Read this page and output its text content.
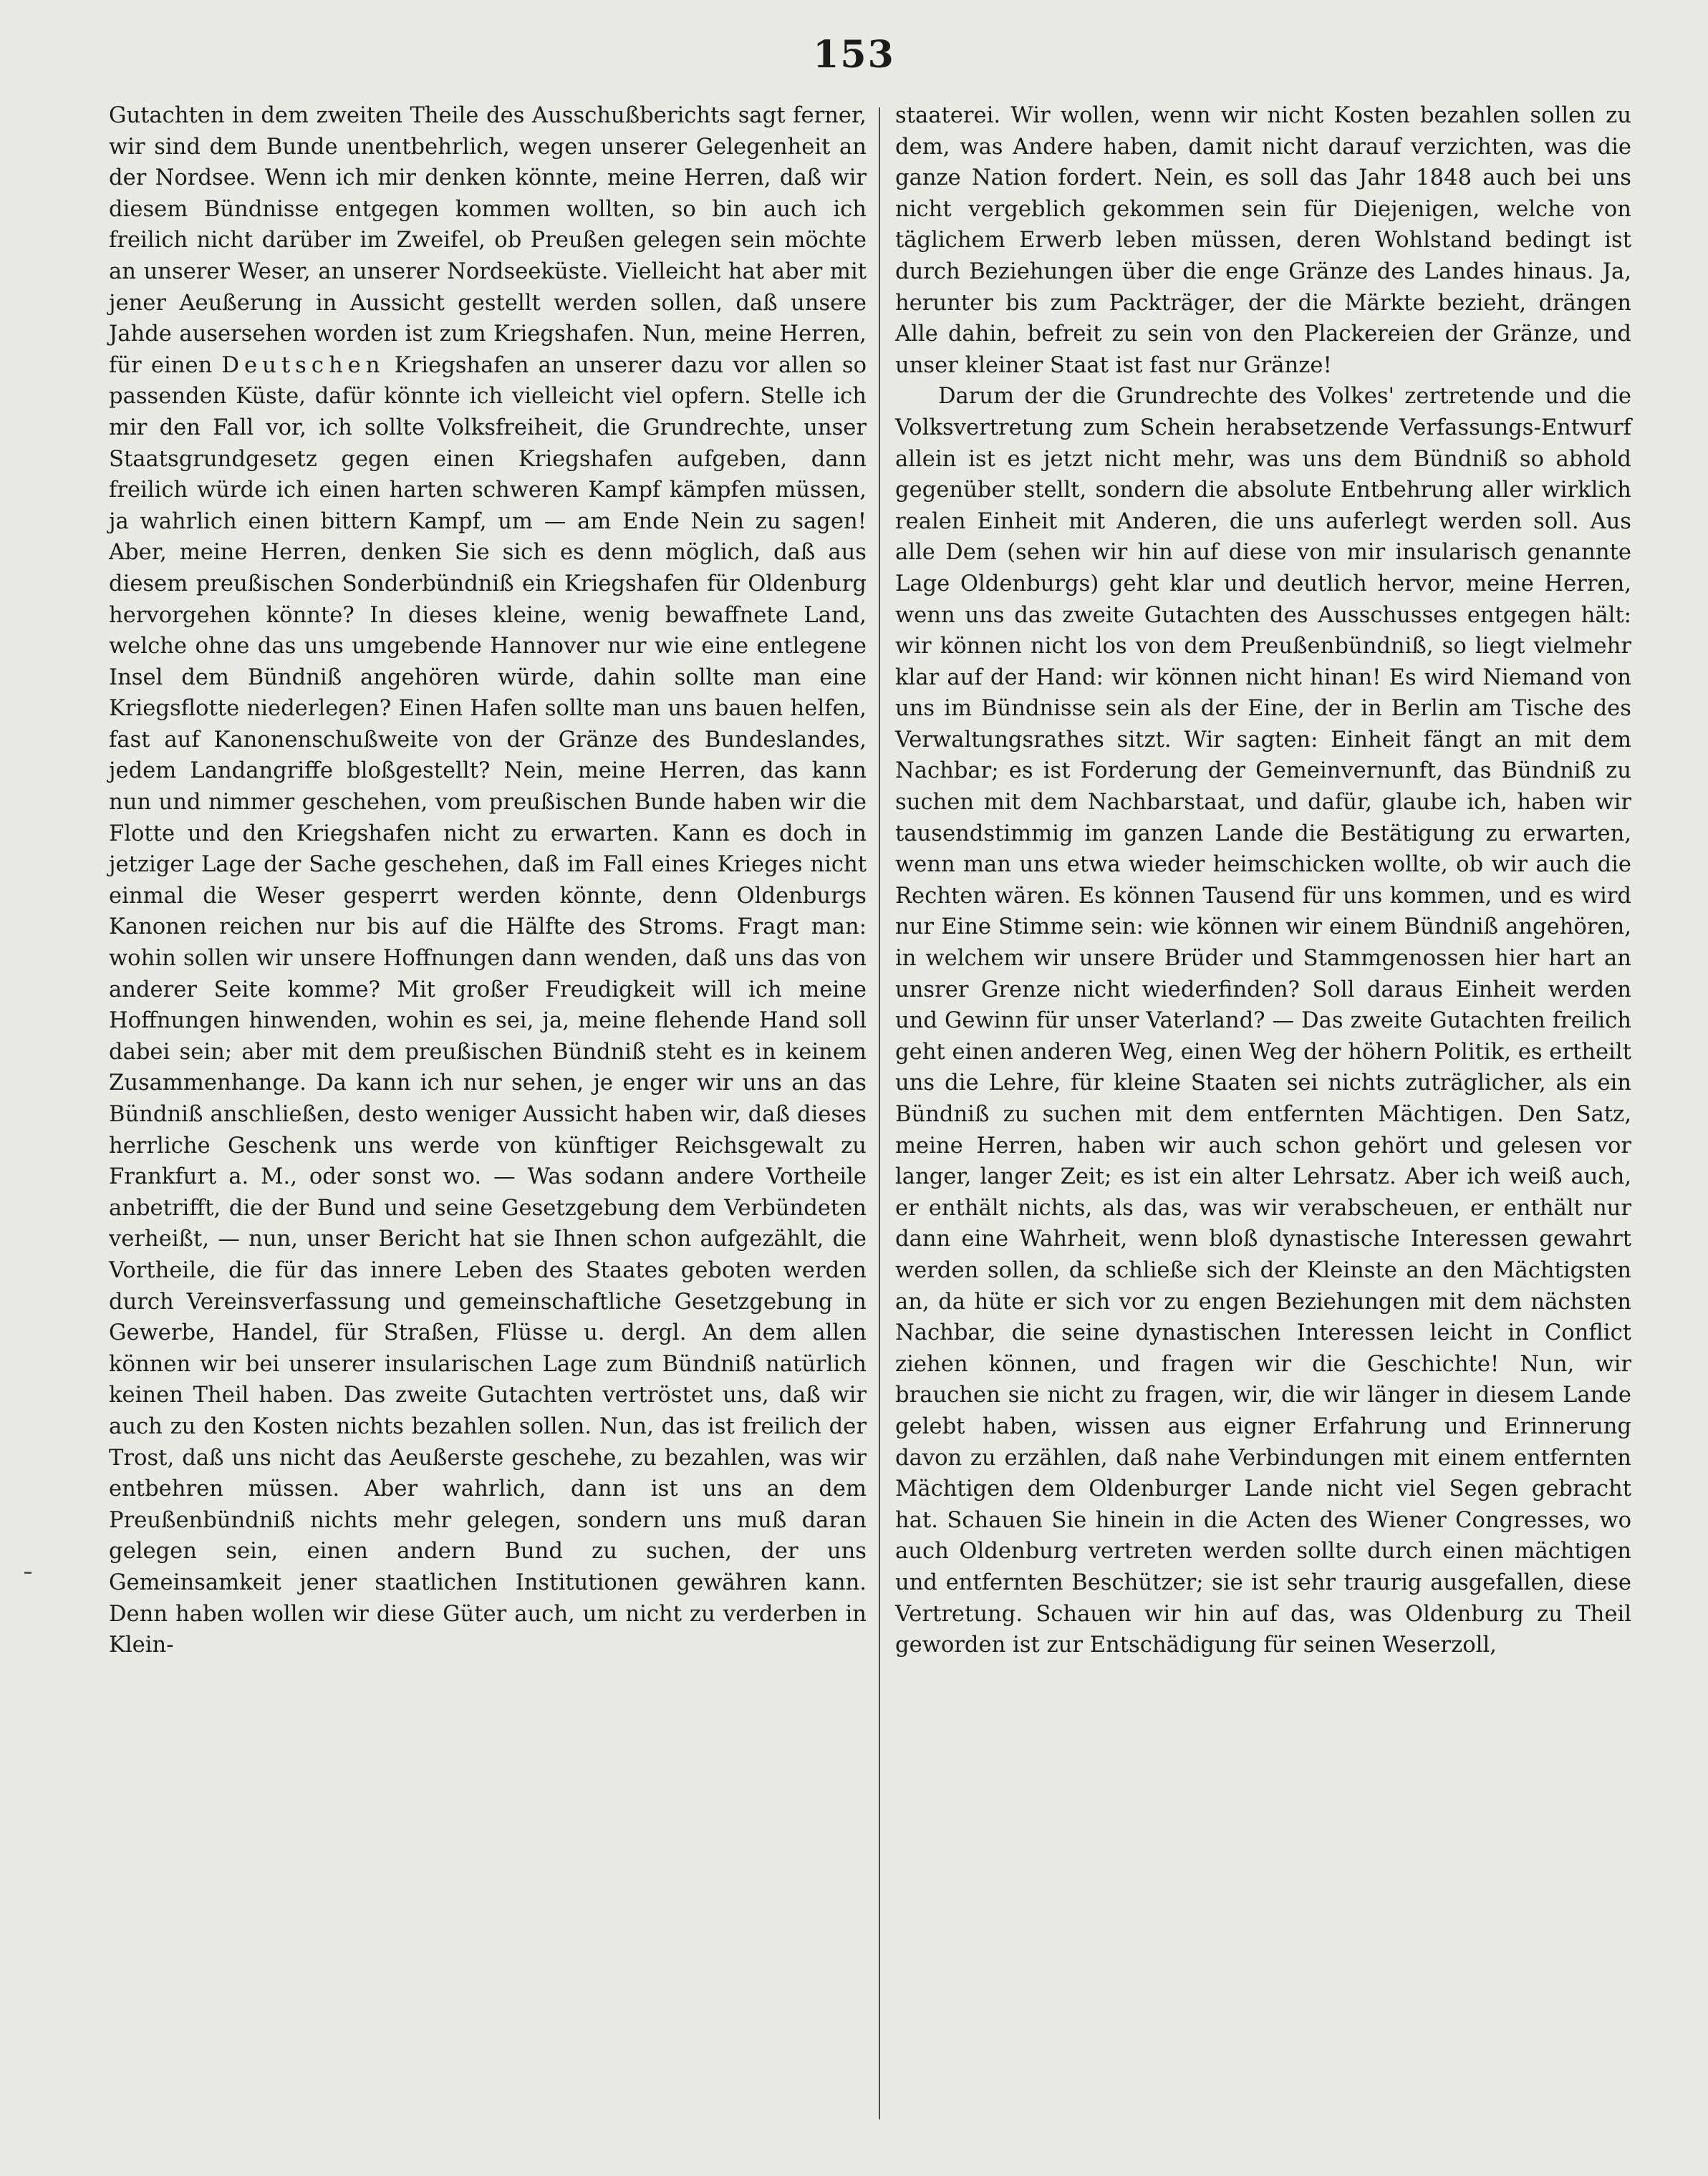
153

Gutachten in dem zweiten Theile des Ausschußberichts sagt ferner, wir sind dem Bunde unentbehrlich, wegen unserer Gelegenheit an der Nordsee. Wenn ich mir denken könnte, meine Herren, daß wir diesem Bündnisse entgegen kommen wollten, so bin auch ich freilich nicht darüber im Zweifel, ob Preußen gelegen sein möchte an unserer Weser, an unserer Nordseeküste. Vielleicht hat aber mit jener Aeußerung in Aussicht gestellt werden sollen, daß unsere Jahde ausersehen worden ist zum Kriegshafen. Nun, meine Herren, für einen Deutschen Kriegshafen an unserer dazu vor allen so passenden Küste, dafür könnte ich vielleicht viel opfern. Stelle ich mir den Fall vor, ich sollte Volksfreiheit, die Grundrechte, unser Staatsgrundgesetz gegen einen Kriegshafen aufgeben, dann freilich würde ich einen harten schweren Kampf kämpfen müssen, ja wahrlich einen bittern Kampf, um — am Ende Nein zu sagen! Aber, meine Herren, denken Sie sich es denn möglich, daß aus diesem preußischen Sonderbündniß ein Kriegshafen für Oldenburg hervorgehen könnte? In dieses kleine, wenig bewaffnete Land, welche ohne das uns umgebende Hannover nur wie eine entlegene Insel dem Bündniß angehören würde, dahin sollte man eine Kriegsflotte niederlegen? Einen Hafen sollte man uns bauen helfen, fast auf Kanonenschußweite von der Gränze des Bundeslandes, jedem Landangriffe bloßgestellt? Nein, meine Herren, das kann nun und nimmer geschehen, vom preußischen Bunde haben wir die Flotte und den Kriegshafen nicht zu erwarten. Kann es doch in jetziger Lage der Sache geschehen, daß im Fall eines Krieges nicht einmal die Weser gesperrt werden könnte, denn Oldenburgs Kanonen reichen nur bis auf die Hälfte des Stroms. Fragt man: wohin sollen wir unsere Hoffnungen dann wenden, daß uns das von anderer Seite komme? Mit großer Freudigkeit will ich meine Hoffnungen hinwenden, wohin es sei, ja, meine flehende Hand soll dabei sein; aber mit dem preußischen Bündniß steht es in keinem Zusammenhange. Da kann ich nur sehen, je enger wir uns an das Bündniß anschließen, desto weniger Aussicht haben wir, daß dieses herrliche Geschenk uns werde von künftiger Reichsgewalt zu Frankfurt a. M., oder sonst wo. — Was sodann andere Vortheile anbetrifft, die der Bund und seine Gesetzgebung dem Verbündeten verheißt, — nun, unser Bericht hat sie Ihnen schon aufgezählt, die Vortheile, die für das innere Leben des Staates geboten werden durch Vereinsverfassung und gemeinschaftliche Gesetzgebung in Gewerbe, Handel, für Straßen, Flüsse u. dergl. An dem allen können wir bei unserer insularischen Lage zum Bündniß natürlich keinen Theil haben. Das zweite Gutachten vertröstet uns, daß wir auch zu den Kosten nichts bezahlen sollen. Nun, das ist freilich der Trost, daß uns nicht das Aeußerste geschehe, zu bezahlen, was wir entbehren müssen. Aber wahrlich, dann ist uns an dem Preußenbündniß nichts mehr gelegen, sondern uns muß daran gelegen sein, einen andern Bund zu suchen, der uns Gemeinsamkeit jener staatlichen Institutionen gewähren kann. Denn haben wollen wir diese Güter auch, um nicht zu verderben in Klein-

staaterei. Wir wollen, wenn wir nicht Kosten bezahlen sollen zu dem, was Andere haben, damit nicht darauf verzichten, was die ganze Nation fordert. Nein, es soll das Jahr 1848 auch bei uns nicht vergeblich gekommen sein für Diejenigen, welche von täglichem Erwerb leben müssen, deren Wohlstand bedingt ist durch Beziehungen über die enge Gränze des Landes hinaus. Ja, herunter bis zum Packträger, der die Märkte bezieht, drängen Alle dahin, befreit zu sein von den Plackereien der Gränze, und unser kleiner Staat ist fast nur Gränze!

Darum der die Grundrechte des Volkes' zertretende und die Volksvertretung zum Schein herabsetzende Verfassungs-Entwurf allein ist es jetzt nicht mehr, was uns dem Bündniß so abhold gegenüber stellt, sondern die absolute Entbehrung aller wirklich realen Einheit mit Anderen, die uns auferlegt werden soll. Aus alle Dem (sehen wir hin auf diese von mir insularisch genannte Lage Oldenburgs) geht klar und deutlich hervor, meine Herren, wenn uns das zweite Gutachten des Ausschusses entgegen hält: wir können nicht los von dem Preußenbündniß, so liegt vielmehr klar auf der Hand: wir können nicht hinan! Es wird Niemand von uns im Bündnisse sein als der Eine, der in Berlin am Tische des Verwaltungsrathes sitzt. Wir sagten: Einheit fängt an mit dem Nachbar; es ist Forderung der Gemeinvernunft, das Bündniß zu suchen mit dem Nachbarstaat, und dafür, glaube ich, haben wir tausendstimmig im ganzen Lande die Bestätigung zu erwarten, wenn man uns etwa wieder heimschicken wollte, ob wir auch die Rechten wären. Es können Tausend für uns kommen, und es wird nur Eine Stimme sein: wie können wir einem Bündniß angehören, in welchem wir unsere Brüder und Stammgenossen hier hart an unsrer Grenze nicht wiederfinden? Soll daraus Einheit werden und Gewinn für unser Vaterland? — Das zweite Gutachten freilich geht einen anderen Weg, einen Weg der höhern Politik, es ertheilt uns die Lehre, für kleine Staaten sei nichts zuträglicher, als ein Bündniß zu suchen mit dem entfernten Mächtigen. Den Satz, meine Herren, haben wir auch schon gehört und gelesen vor langer, langer Zeit; es ist ein alter Lehrsatz. Aber ich weiß auch, er enthält nichts, als das, was wir verabscheuen, er enthält nur dann eine Wahrheit, wenn bloß dynastische Interessen gewahrt werden sollen, da schließe sich der Kleinste an den Mächtigsten an, da hüte er sich vor zu engen Beziehungen mit dem nächsten Nachbar, die seine dynastischen Interessen leicht in Conflict ziehen können, und fragen wir die Geschichte! Nun, wir brauchen sie nicht zu fragen, wir, die wir länger in diesem Lande gelebt haben, wissen aus eigner Erfahrung und Erinnerung davon zu erzählen, daß nahe Verbindungen mit einem entfernten Mächtigen dem Oldenburger Lande nicht viel Segen gebracht hat. Schauen Sie hinein in die Acten des Wiener Congresses, wo auch Oldenburg vertreten werden sollte durch einen mächtigen und entfernten Beschützer; sie ist sehr traurig ausgefallen, diese Vertretung. Schauen wir hin auf das, was Oldenburg zu Theil geworden ist zur Entschädigung für seinen Weserzoll,
